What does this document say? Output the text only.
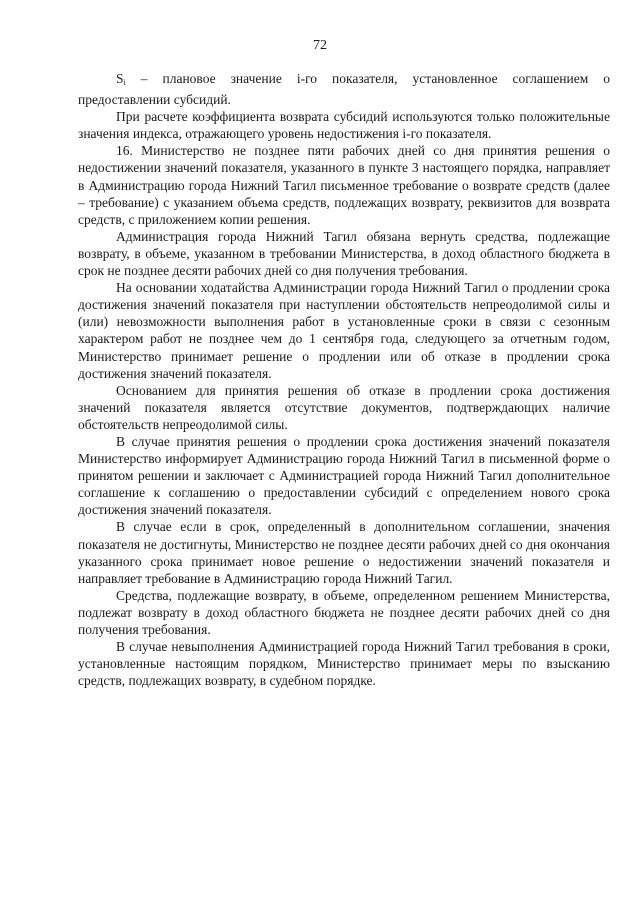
72

$S_i$ – плановое значение i-го показателя, установленное соглашением о предоставлении субсидий.

При расчете коэффициента возврата субсидий используются только положительные значения индекса, отражающего уровень недостижения i-го показателя.

16. Министерство не позднее пяти рабочих дней со дня принятия решения о недостижении значений показателя, указанного в пункте 3 настоящего порядка, направляет в Администрацию города Нижний Тагил письменное требование о возврате средств (далее – требование) с указанием объема средств, подлежащих возврату, реквизитов для возврата средств, с приложением копии решения.

Администрация города Нижний Тагил обязана вернуть средства, подлежащие возврату, в объеме, указанном в требовании Министерства, в доход областного бюджета в срок не позднее десяти рабочих дней со дня получения требования.

На основании ходатайства Администрации города Нижний Тагил о продлении срока достижения значений показателя при наступлении обстоятельств непреодолимой силы и (или) невозможности выполнения работ в установленные сроки в связи с сезонным характером работ не позднее чем до 1 сентября года, следующего за отчетным годом, Министерство принимает решение о продлении или об отказе в продлении срока достижения значений показателя.

Основанием для принятия решения об отказе в продлении срока достижения значений показателя является отсутствие документов, подтверждающих наличие обстоятельств непреодолимой силы.

В случае принятия решения о продлении срока достижения значений показателя Министерство информирует Администрацию города Нижний Тагил в письменной форме о принятом решении и заключает с Администрацией города Нижний Тагил дополнительное соглашение к соглашению о предоставлении субсидий с определением нового срока достижения значений показателя.

В случае если в срок, определенный в дополнительном соглашении, значения показателя не достигнуты, Министерство не позднее десяти рабочих дней со дня окончания указанного срока принимает новое решение о недостижении значений показателя и направляет требование в Администрацию города Нижний Тагил.

Средства, подлежащие возврату, в объеме, определенном решением Министерства, подлежат возврату в доход областного бюджета не позднее десяти рабочих дней со дня получения требования.

В случае невыполнения Администрацией города Нижний Тагил требования в сроки, установленные настоящим порядком, Министерство принимает меры по взысканию средств, подлежащих возврату, в судебном порядке.
